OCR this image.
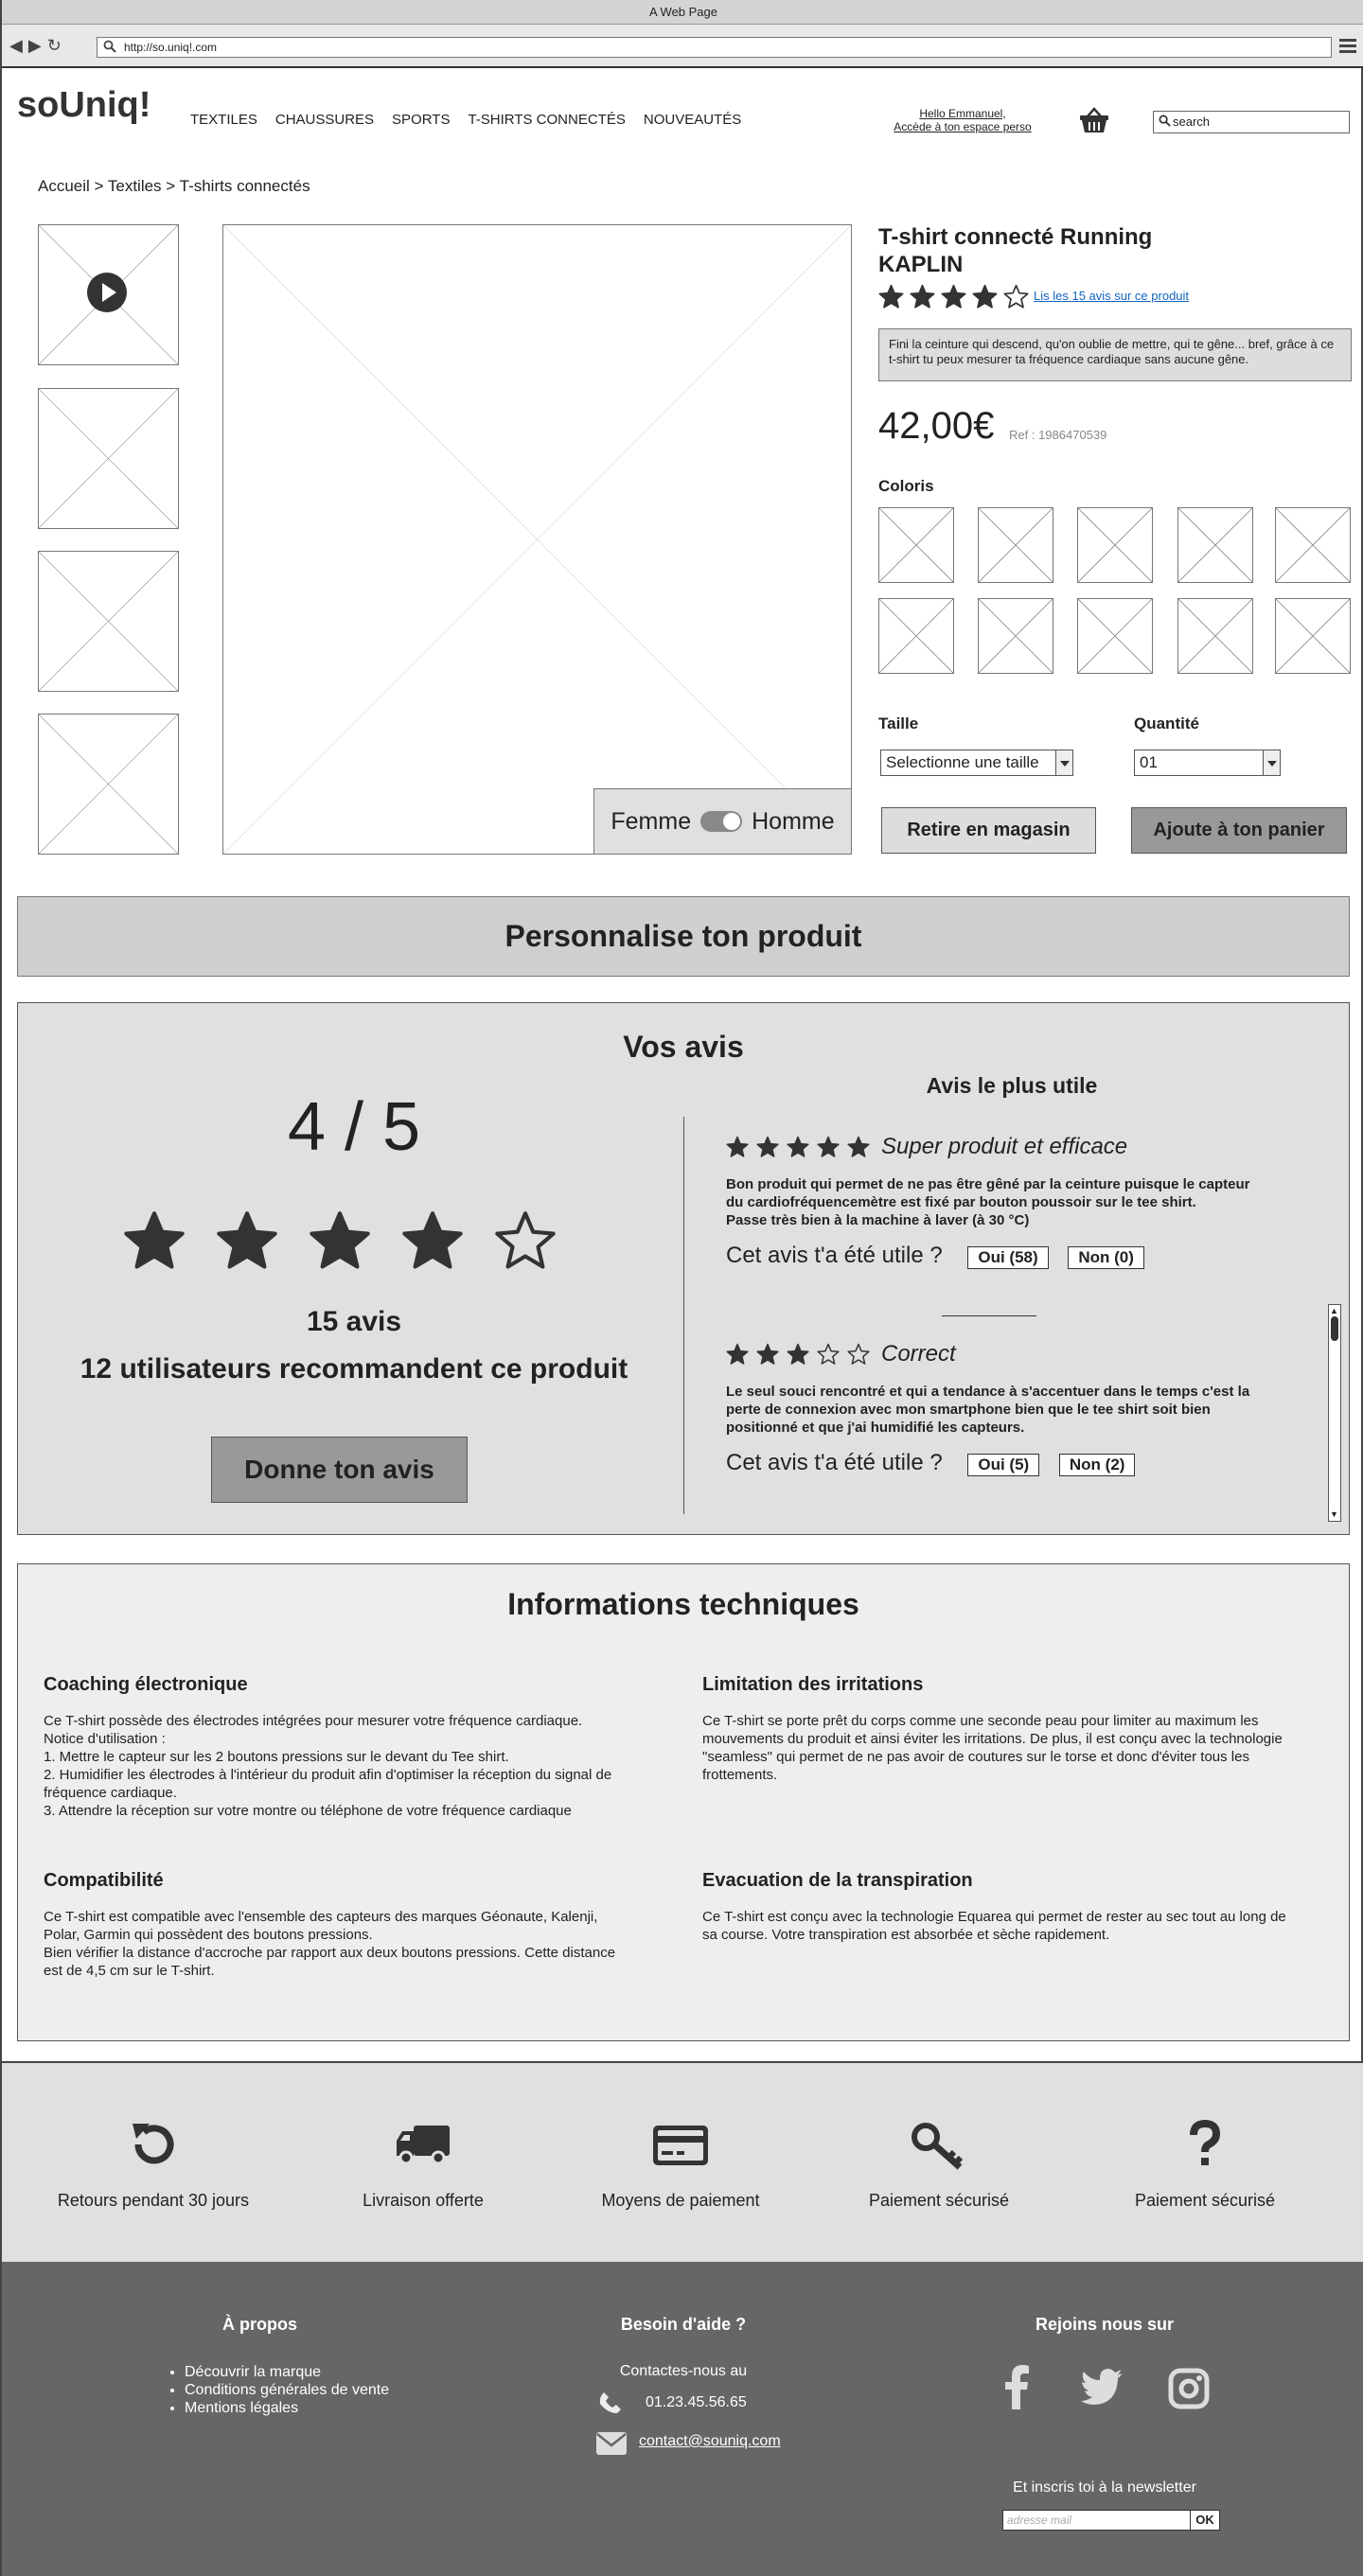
A Web Page
◀▶↻	http://so.uniq!.com
soUniq!	TEXTILES CHAUSSURES SPORTS T-SHIRTS CONNECTÉS NOUVEAUTÉS	Hello Emmanuel,
Accède à ton espace perso	search
Accueil > Textiles > T-shirts connectés
Femme	Homme
T-shirt connecté Running
KAPLIN
Lis les 15 avis sur ce produit
Fini la ceinture qui descend, qu'on oublie de mettre, qui te gêne... bref, grâce à ce t-shirt tu peux mesurer ta fréquence cardiaque sans aucune gêne.
42,00€ Ref : 1986470539
Coloris
Taille
Selectionne une taille
Quantité
01
Retire en magasin	Ajoute à ton panier
Personnalise ton produit
Vos avis
4 / 5
15 avis
12 utilisateurs recommandent ce produit
Donne ton avis
Avis le plus utile
Super produit et efficace
Bon produit qui permet de ne pas être gêné par la ceinture puisque le capteur
du cardiofréquencemètre est fixé par bouton poussoir sur le tee shirt.
Passe très bien à la machine à laver (à 30 °C)
Cet avis t'a été utile ? Oui (58)	Non (0)
Correct
Le seul souci rencontré et qui a tendance à s'accentuer dans le temps c'est la
perte de connexion avec mon smartphone bien que le tee shirt soit bien
positionné et que j'ai humidifié les capteurs.
Cet avis t'a été utile ? Oui (5)	Non (2)
▲
▼
Informations techniques
Coaching électronique
Ce T-shirt possède des électrodes intégrées pour mesurer votre fréquence cardiaque.
Notice d'utilisation :
1. Mettre le capteur sur les 2 boutons pressions sur le devant du Tee shirt.
2. Humidifier les électrodes à l'intérieur du produit afin d'optimiser la réception du signal de
fréquence cardiaque.
3. Attendre la réception sur votre montre ou téléphone de votre fréquence cardiaque
Limitation des irritations
Ce T-shirt se porte prêt du corps comme une seconde peau pour limiter au maximum les
mouvements du produit et ainsi éviter les irritations. De plus, il est conçu avec la technologie
"seamless" qui permet de ne pas avoir de coutures sur le torse et donc d'éviter tous les
frottements.
Compatibilité
Ce T-shirt est compatible avec l'ensemble des capteurs des marques Géonaute, Kalenji,
Polar, Garmin qui possèdent des boutons pressions.
Bien vérifier la distance d'accroche par rapport aux deux boutons pressions. Cette distance
est de 4,5 cm sur le T-shirt.
Evacuation de la transpiration
Ce T-shirt est conçu avec la technologie Equarea qui permet de rester au sec tout au long de
sa course. Votre transpiration est absorbée et sèche rapidement.
Retours pendant 30 jours	Livraison offerte	Moyens de paiement	Paiement sécurisé	Paiement sécurisé
À propos
• Découvrir la marque
• Conditions générales de vente
• Mentions légales
Besoin d'aide ?
Contactes-nous au
01.23.45.56.65
contact@souniq.com
Rejoins nous sur
Et inscris toi à la newsletter
adresse mail	OK
